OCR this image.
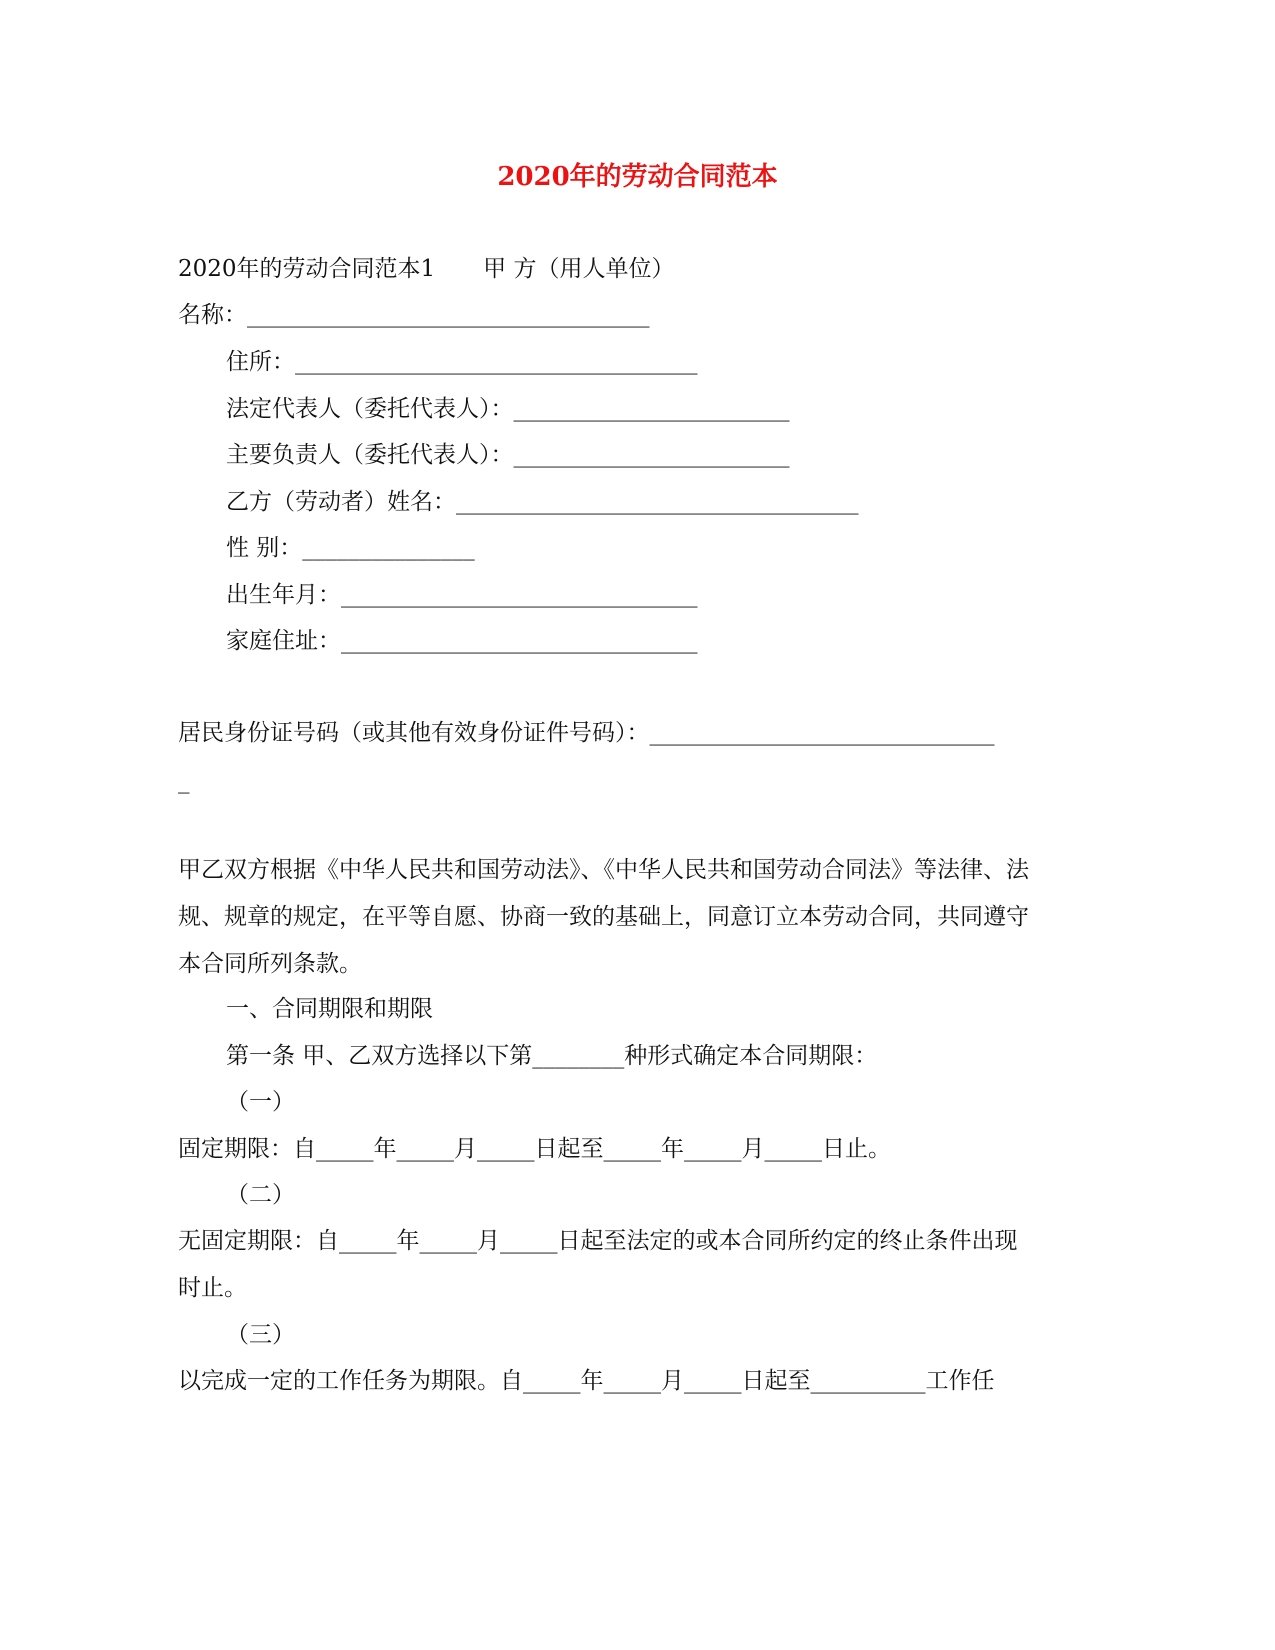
2020年的劳动合同范本
2020年的劳动合同范本1 甲 方（用人单位）
名称：___________________________________
住所：___________________________________
法定代表人（委托代表人）：________________________
主要负责人（委托代表人）：________________________
乙方（劳动者）姓名：___________________________________
性 别：_______________
出生年月：_______________________________
家庭住址：_______________________________
居民身份证号码（或其他有效身份证件号码）：______________________________
_
甲乙双方根据《中华人民共和国劳动法》、《中华人民共和国劳动合同法》等法律、法规、规章的规定，在平等自愿、协商一致的基础上，同意订立本劳动合同，共同遵守本合同所列条款。
一、合同期限和期限
第一条 甲、乙双方选择以下第________种形式确定本合同期限：
（一）
固定期限：自_____年_____月_____日起至_____年_____月_____日止。
（二）
无固定期限：自_____年_____月_____日起至法定的或本合同所约定的终止条件出现时止。
（三）
以完成一定的工作任务为期限。自_____年_____月_____日起至__________工作任
